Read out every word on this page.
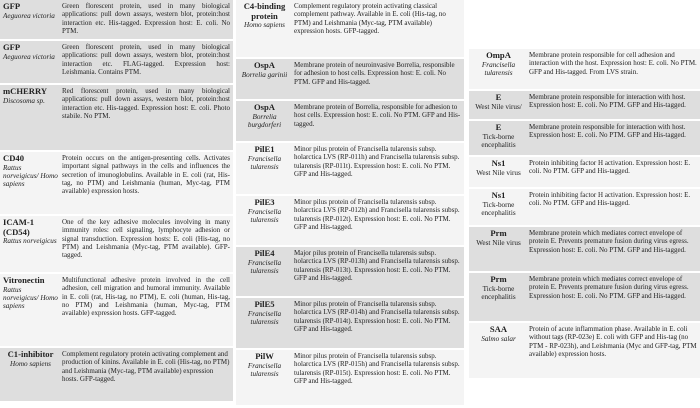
GFP
Aeguorea victoria
Green florescent protein, used in many biological applications: pull down assays, western blot, protein:host interaction etc. His-tagged. Expression host: E. coli. No PTM.
GFP
Aeguorea victoria
Green florescent protein, used in many biological applications: pull down assays, western blot, protein:host interaction etc. FLAG-tagged. Expression host: Leishmania. Contains PTM.
mCHERRY
Discosoma sp.
Red florescent protein, used in many biological applications: pull down assays, western blot, protein:host interaction etc. His-tagged. Expression host: E. coli. Photo stabile. No PTM.
CD40
Rattus norveigicus/ Homo sapiens
Protein occurs on the antigen-presenting cells. Activates important signal pathways in the cells and influences the secretion of imunoglobulins. Available in E. coli (rat, His-tag, no PTM) and Leishmania (human, Myc-tag, PTM available) expression hosts.
ICAM-1 (CD54)
Rattus norveigicus
One of the key adhesive molecules involving in many immunity roles: cell signaling, lymphocyte adhesion or signal transduction. Expression hosts: E. coli (His-tag, no PTM) and Leishmania (Myc-tag, PTM available). GFP-tagged.
Vitronectin
Rattus norveigicus/ Homo sapiens
Multifunctional adhesive protein involved in the cell adhesion, cell migration and humoral immunity. Available in E. coli (rat, His-tag, no PTM), E. coli (human, His-tag, no PTM) and Leishmania (human, Myc-tag, PTM available) expression hosts. GFP-tagged.
C1-inhibitor
Homo sapiens
Complement regulatory protein activating complement and production of kinins. Available in E. coli (His-tag, no PTM) and Leishmania (Myc-tag, PTM available) expression hosts. GFP-tagged.
C4-binding protein
Homo sapiens
Complement regulatory protein activating classical complement pathway. Available in E. coli (His-tag, no PTM) and Leishmania (Myc-tag, PTM available) expression hosts. GFP-tagged.
OspA
Borrelia garinii
Membrane protein of neuroinvasive Borrelia, responsible for adhesion to host cells. Expression host: E. coli. No PTM. GFP and His-tagged.
OspA
Borrelia burgdorferi
Membrane protein of Borrelia, responsible for adhesion to host cells. Expression host: E. coli. No PTM. GFP and His-tagged.
PilE1
Francisella tularensis
Minor pilus protein of Francisella tularensis subsp. holarctica LVS (RP-011h) and Francisella tularensis subsp. tularensis (RP-011t). Expression host: E. coli. No PTM. GFP and His-tagged.
PilE3
Francisella tularensis
Minor pilus protein of Francisella tularensis subsp. holarctica LVS (RP-012h) and Francisella tularensis subsp. tularensis (RP-012t). Expression host: E. coli. No PTM. GFP and His-tagged.
PilE4
Francisella tularensis
Major pilus protein of Francisella tularensis subsp. holarctica LVS (RP-013h) and Francisella tularensis subsp. tularensis (RP-013t). Expression host: E. coli. No PTM. GFP and His-tagged.
PilE5
Francisella tularensis
Minor pilus protein of Francisella tularensis subsp. holarctica LVS (RP-014h) and Francisella tularensis subsp. tularensis (RP-014t). Expression host: E. coli. No PTM. GFP and His-tagged.
PilW
Francisella tularensis
Minor pilus protein of Francisella tularensis subsp. holarctica LVS (RP-015h) and Francisella tularensis subsp. tularensis (RP-015t). Expression host: E. coli. No PTM. GFP and His-tagged.
OmpA
Francisella tularensis
Membrane protein responsible for cell adhesion and interaction with the host. Expression host: E. coli. No PTM. GFP and His-tagged. From LVS strain.
E
West Nile virus/
Membrane protein responsible for interaction with host. Expression host: E. coli. No PTM. GFP and His-tagged.
E
Tick-borne encephalitis
Membrane protein responsible for interaction with host. Expression host: E. coli. No PTM. GFP and His-tagged.
Ns1
West Nile virus
Protein inhibiting factor H activation. Expression host: E. coli. No PTM. GFP and His-tagged.
Ns1
Tick-borne encephalitis
Protein inhibiting factor H activation. Expression host: E. coli. No PTM. GFP and His-tagged.
Prm
West Nile virus
Membrane protein which mediates correct envelope of protein E. Prevents premature fusion during virus egress. Expression host: E. coli. No PTM. GFP and His-tagged.
Prm
Tick-borne encephalitis
Membrane protein which mediates correct envelope of protein E. Prevents premature fusion during virus egress. Expression host: E. coli. No PTM. GFP and His-tagged.
SAA
Salmo salar
Protein of acute inflammation phase. Available in E. coli without tags (RP-023e) E. coli with GFP and His-tag (no PTM - RP-023h), and Leishmania (Myc and GFP-tag, PTM available) expression hosts.
